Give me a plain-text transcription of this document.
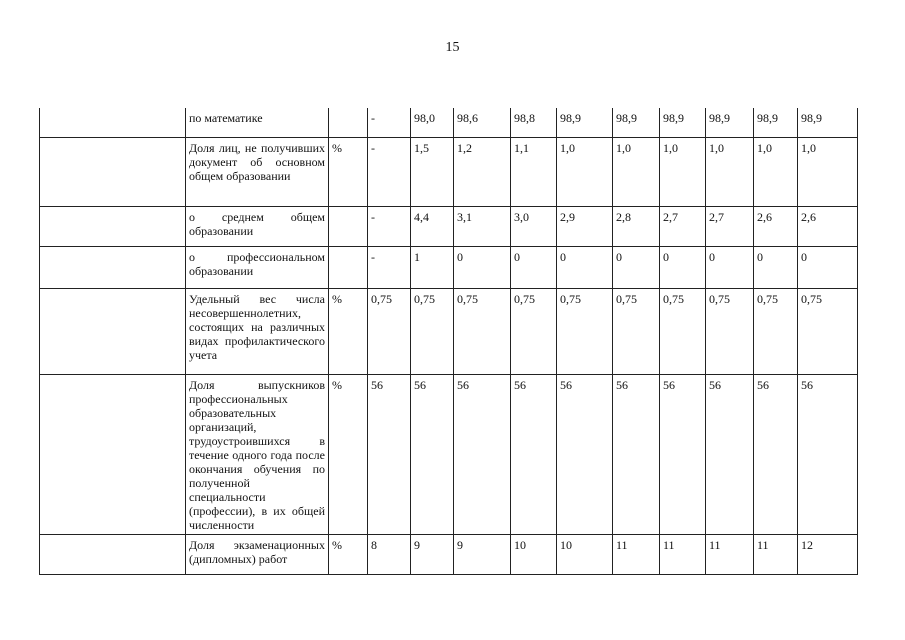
15
	по математике		-	98,0	98,6	98,8	98,9	98,9	98,9	98,9	98,9	98,9
	Доля лиц, не получивших документ об основном общем образовании	%	-	1,5	1,2	1,1	1,0	1,0	1,0	1,0	1,0	1,0
	о среднем общем образовании		-	4,4	3,1	3,0	2,9	2,8	2,7	2,7	2,6	2,6
	о профессиональном образовании		-	1	0	0	0	0	0	0	0	0
	Удельный вес числа несовершеннолетних, состоящих на различных видах профилактического учета	%	0,75	0,75	0,75	0,75	0,75	0,75	0,75	0,75	0,75	0,75
	Доля выпускников профессиональных образовательных организаций, трудоустроившихся в течение одного года после окончания обучения по полученной специальности (профессии), в их общей численности	%	56	56	56	56	56	56	56	56	56	56
	Доля экзаменационных (дипломных) работ	%	8	9	9	10	10	11	11	11	11	12
